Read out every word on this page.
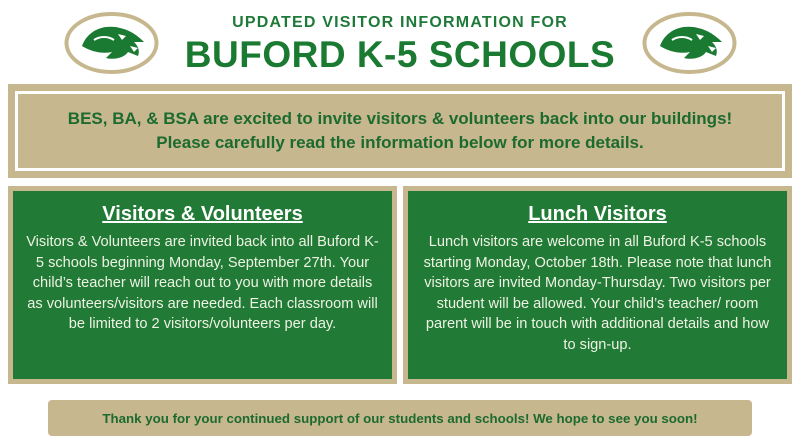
UPDATED VISITOR INFORMATION FOR
BUFORD K-5 SCHOOLS
BES, BA, & BSA are excited to invite visitors & volunteers back into our buildings!
Please carefully read the information below for more details.
Visitors & Volunteers
Visitors & Volunteers are invited back into all Buford K-5 schools beginning Monday, September 27th. Your child’s teacher will reach out to you with more details as volunteers/visitors are needed. Each classroom will be limited to 2 visitors/volunteers per day.
Lunch Visitors
Lunch visitors are welcome in all Buford K-5 schools starting Monday, October 18th. Please note that lunch visitors are invited Monday-Thursday. Two visitors per student will be allowed. Your child’s teacher/ room parent will be in touch with additional details and how to sign-up.
Thank you for your continued support of our students and schools! We hope to see you soon!
